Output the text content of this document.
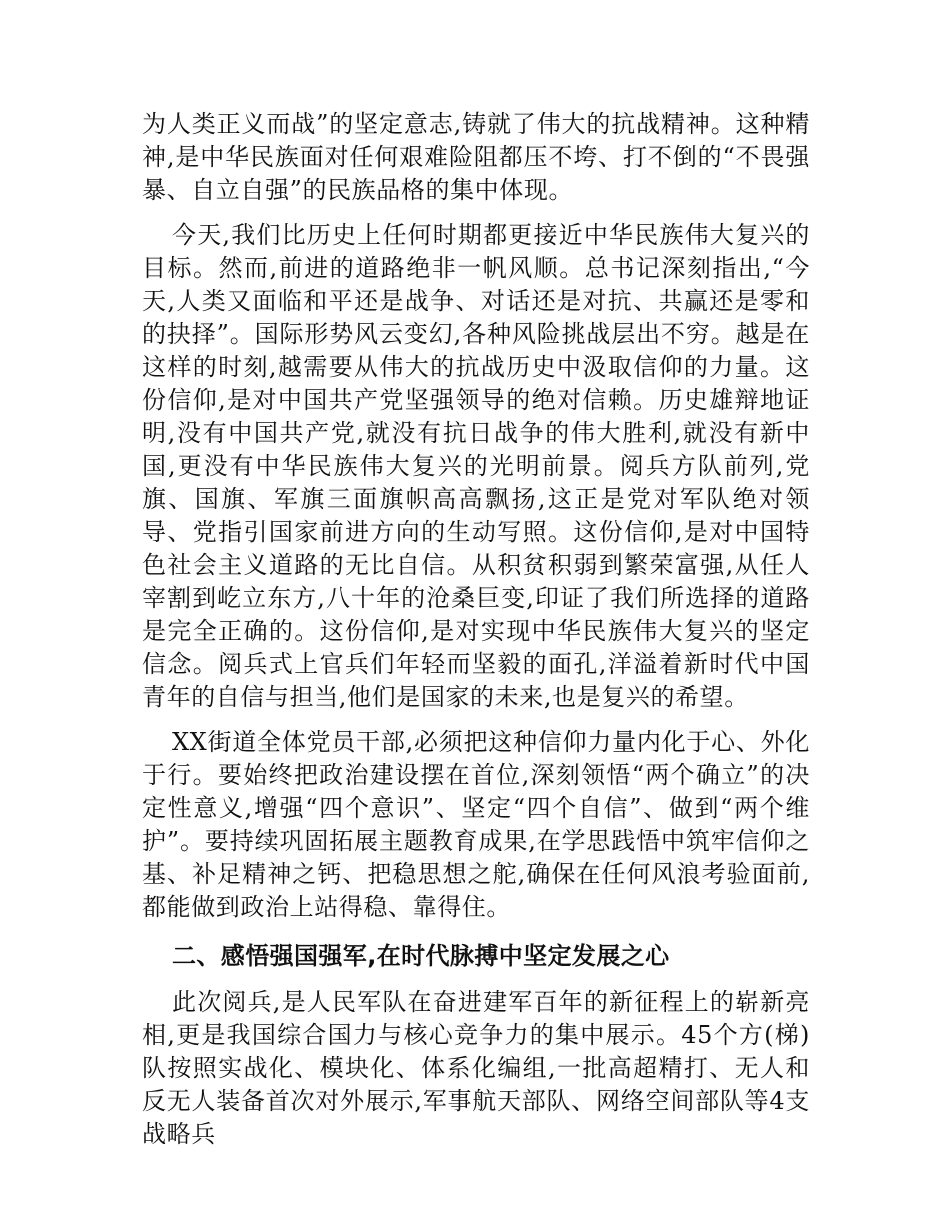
为人类正义而战”的坚定意志,铸就了伟大的抗战精神。这种精神,是中华民族面对任何艰难险阻都压不垮、打不倒的“不畏强暴、自立自强”的民族品格的集中体现。

今天,我们比历史上任何时期都更接近中华民族伟大复兴的目标。然而,前进的道路绝非一帆风顺。总书记深刻指出,“今天,人类又面临和平还是战争、对话还是对抗、共赢还是零和的抉择”。国际形势风云变幻,各种风险挑战层出不穷。越是在这样的时刻,越需要从伟大的抗战历史中汲取信仰的力量。这份信仰,是对中国共产党坚强领导的绝对信赖。历史雄辩地证明,没有中国共产党,就没有抗日战争的伟大胜利,就没有新中国,更没有中华民族伟大复兴的光明前景。阅兵方队前列,党旗、国旗、军旗三面旗帜高高飘扬,这正是党对军队绝对领导、党指引国家前进方向的生动写照。这份信仰,是对中国特色社会主义道路的无比自信。从积贫积弱到繁荣富强,从任人宰割到屹立东方,八十年的沧桑巨变,印证了我们所选择的道路是完全正确的。这份信仰,是对实现中华民族伟大复兴的坚定信念。阅兵式上官兵们年轻而坚毅的面孔,洋溢着新时代中国青年的自信与担当,他们是国家的未来,也是复兴的希望。

XX街道全体党员干部,必须把这种信仰力量内化于心、外化于行。要始终把政治建设摆在首位,深刻领悟“两个确立”的决定性意义,增强“四个意识”、坚定“四个自信”、做到“两个维护”。要持续巩固拓展主题教育成果,在学思践悟中筑牢信仰之基、补足精神之钙、把稳思想之舵,确保在任何风浪考验面前,都能做到政治上站得稳、靠得住。

二、感悟强国强军,在时代脉搏中坚定发展之心

此次阅兵,是人民军队在奋进建军百年的新征程上的崭新亮相,更是我国综合国力与核心竞争力的集中展示。45个方(梯)队按照实战化、模块化、体系化编组,一批高超精打、无人和反无人装备首次对外展示,军事航天部队、网络空间部队等4支战略兵
